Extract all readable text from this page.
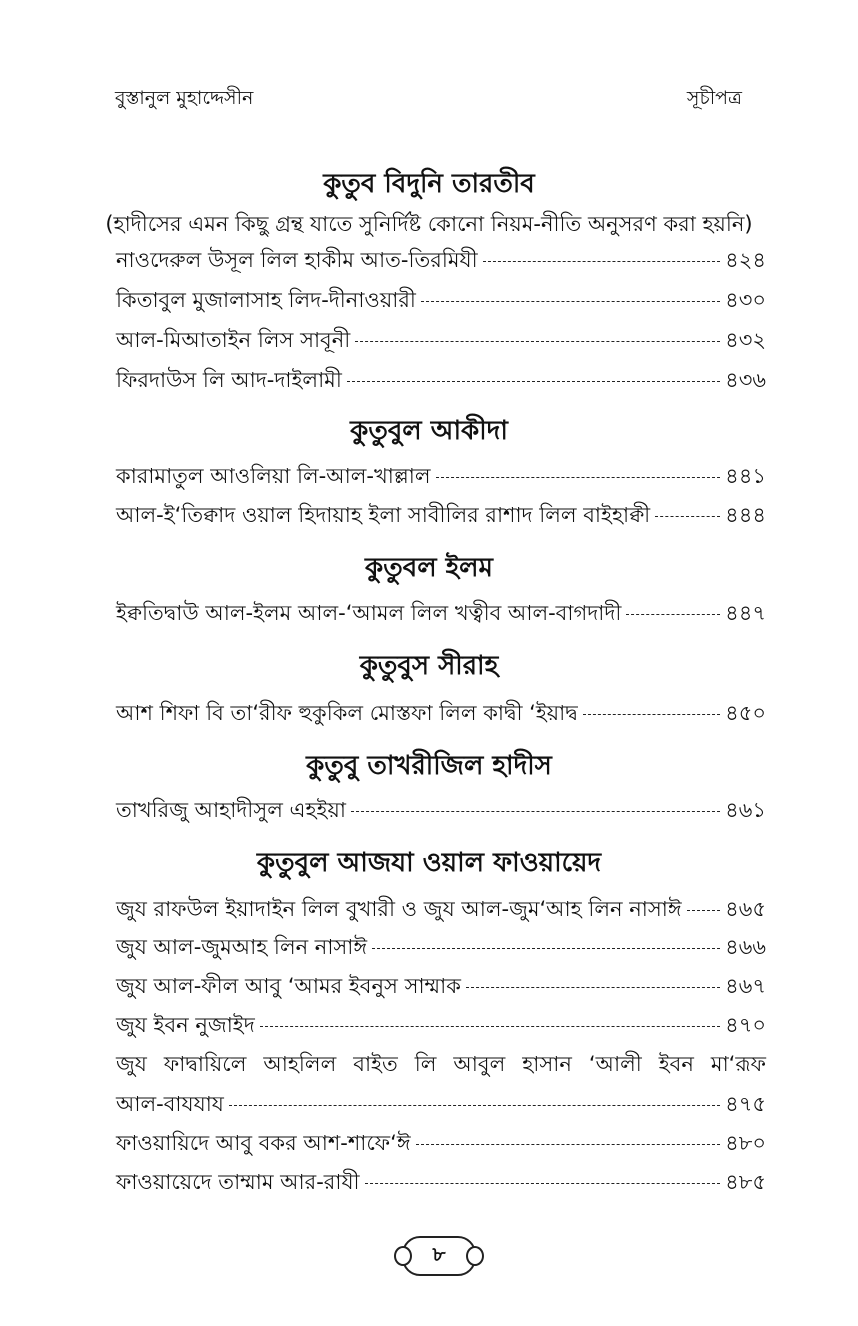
বুস্তানুল মুহাদ্দেসীন	সূচীপত্র
কুতুব বিদুনি তারতীব
(হাদীসের এমন কিছু গ্রন্থ যাতে সুনির্দিষ্ট কোনো নিয়ম-নীতি অনুসরণ করা হয়নি)
নাওদেরুল উসূল লিল হাকীম আত-তিরমিযী	৪২৪
কিতাবুল মুজালাসাহ লিদ-দীনাওয়ারী	৪৩০
আল-মিআতাইন লিস সাবূনী	৪৩২
ফিরদাউস লি আদ-দাইলামী	৪৩৬
কুতুবুল আকীদা
কারামাতুল আওলিয়া লি-আল-খাল্লাল	৪৪১
আল-ই‘তিক্বাদ ওয়াল হিদায়াহ ইলা সাবীলির রাশাদ লিল বাইহাক্বী	৪৪৪
কুতুবল ইলম
ইক্বতিদ্বাউ আল-ইলম আল-‘আমল লিল খত্বীব আল-বাগদাদী	৪৪৭
কুতুবুস সীরাহ
আশ শিফা বি তা‘রীফ হুকুকিল মোস্তফা লিল কাদ্বী ‘ইয়াদ্ব	৪৫০
কুতুবু তাখরীজিল হাদীস
তাখরিজু আহাদীসুল এহইয়া	৪৬১
কুতুবুল আজযা ওয়াল ফাওয়ায়েদ
জুয রাফউল ইয়াদাইন লিল বুখারী ও জুয আল-জুম‘আহ লিন নাসাঈ ৪৬৫
জুয আল-জুমআহ লিন নাসাঈ	৪৬৬
জুয আল-ফীল আবু ‘আমর ইবনুস সাম্মাক	৪৬৭
জুয ইবন নুজাইদ	৪৭০
জুয ফাদ্বায়িলে আহলিল বাইত লি আবুল হাসান ‘আলী ইবন মা‘রূফ
আল-বাযযায	৪৭৫
ফাওয়ায়িদে আবু বকর আশ-শাফে‘ঈ	৪৮০
ফাওয়ায়েদে তাম্মাম আর-রাযী	৪৮৫
৮
